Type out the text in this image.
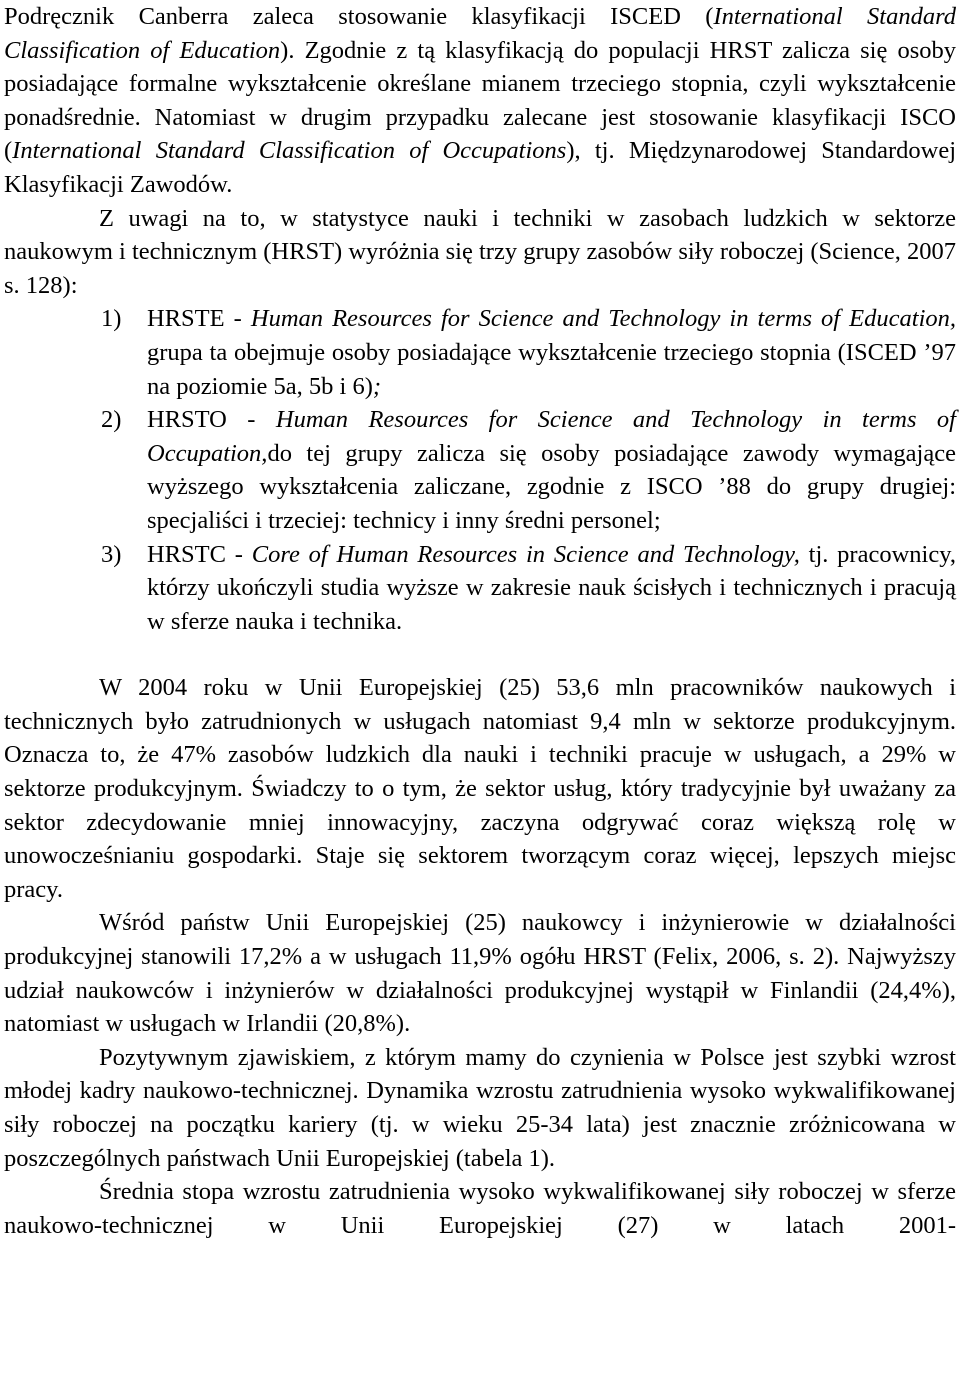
Podręcznik Canberra zaleca stosowanie klasyfikacji ISCED (International Standard Classification of Education). Zgodnie z tą klasyfikacją do populacji HRST zalicza się osoby posiadające formalne wykształcenie określane mianem trzeciego stopnia, czyli wykształcenie ponadśrednie. Natomiast w drugim przypadku zalecane jest stosowanie klasyfikacji ISCO (International Standard Classification of Occupations), tj. Międzynarodowej Standardowej Klasyfikacji Zawodów.

Z uwagi na to, w statystyce nauki i techniki w zasobach ludzkich w sektorze naukowym i technicznym (HRST) wyróżnia się trzy grupy zasobów siły roboczej (Science, 2007 s. 128):

1) HRSTE - Human Resources for Science and Technology in terms of Education, grupa ta obejmuje osoby posiadające wykształcenie trzeciego stopnia (ISCED ’97 na poziomie 5a, 5b i 6);
2) HRSTO - Human Resources for Science and Technology in terms of Occupation,do tej grupy zalicza się osoby posiadające zawody wymagające wyższego wykształcenia zaliczane, zgodnie z ISCO ’88 do grupy drugiej: specjaliści i trzeciej: technicy i inny średni personel;
3) HRSTC - Core of Human Resources in Science and Technology, tj. pracownicy, którzy ukończyli studia wyższe w zakresie nauk ścisłych i technicznych i pracują w sferze nauka i technika.

W 2004 roku w Unii Europejskiej (25) 53,6 mln pracowników naukowych i technicznych było zatrudnionych w usługach natomiast 9,4 mln w sektorze produkcyjnym. Oznacza to, że 47% zasobów ludzkich dla nauki i techniki pracuje w usługach, a 29% w sektorze produkcyjnym. Świadczy to o tym, że sektor usług, który tradycyjnie był uważany za sektor zdecydowanie mniej innowacyjny, zaczyna odgrywać coraz większą rolę w unowocześnianiu gospodarki. Staje się sektorem tworzącym coraz więcej, lepszych miejsc pracy.

Wśród państw Unii Europejskiej (25) naukowcy i inżynierowie w działalności produkcyjnej stanowili 17,2% a w usługach 11,9% ogółu HRST (Felix, 2006, s. 2). Najwyższy udział naukowców i inżynierów w działalności produkcyjnej wystąpił w Finlandii (24,4%), natomiast w usługach w Irlandii (20,8%).

Pozytywnym zjawiskiem, z którym mamy do czynienia w Polsce jest szybki wzrost młodej kadry naukowo-technicznej. Dynamika wzrostu zatrudnienia wysoko wykwalifikowanej siły roboczej na początku kariery (tj. w wieku 25-34 lata) jest znacznie zróżnicowana w poszczególnych państwach Unii Europejskiej (tabela 1).

Średnia stopa wzrostu zatrudnienia wysoko wykwalifikowanej siły roboczej w sferze naukowo-technicznej w Unii Europejskiej (27) w latach 2001-
